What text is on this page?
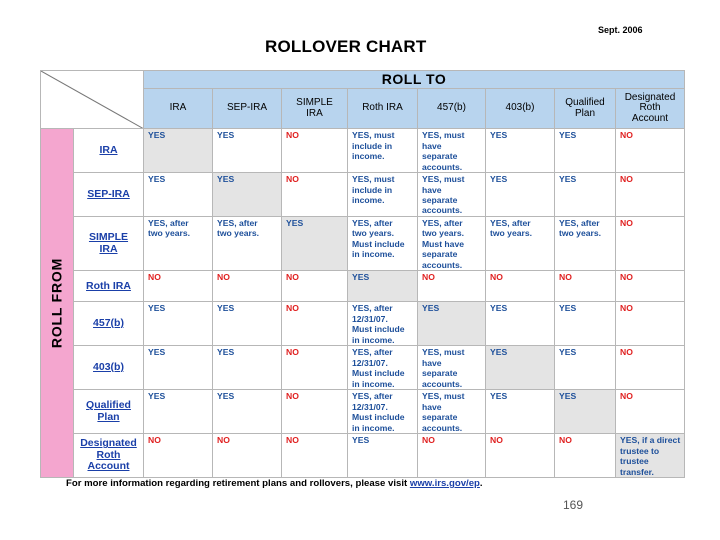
Sept. 2006
ROLLOVER CHART
	ROLL TO							
		IRA	SEP-IRA	SIMPLE
IRA	Roth IRA	457(b)	403(b)	Qualified
Plan	Designated
Roth
Account

ROLL FROM	IRA	YES	YES	NO	YES, must
include in
income.	YES, must
have
separate
accounts.	YES	YES	NO
	SEP-IRA	YES	YES	NO	YES, must
include in
income.	YES, must
have
separate
accounts.	YES	YES	NO
	SIMPLE
IRA	YES, after
two years.	YES, after
two years.	YES	YES, after
two years.
Must include
in income.	YES, after
two years.
Must have
separate
accounts.	YES, after
two years.	YES, after
two years.	NO
	Roth IRA	NO	NO	NO	YES	NO	NO	NO	NO
	457(b)	YES	YES	NO	YES, after
12/31/07.
Must include
in income.	YES	YES	YES	NO
	403(b)	YES	YES	NO	YES, after
12/31/07.
Must include
in income.	YES, must
have
separate
accounts.	YES	YES	NO
	Qualified
Plan	YES	YES	NO	YES, after
12/31/07.
Must include
in income.	YES, must
have
separate
accounts.	YES	YES	NO
	Designated
Roth
Account	NO	NO	NO	YES	NO	NO	NO	YES, if a direct
trustee to
trustee
transfer.
For more information regarding retirement plans and rollovers, please visit www.irs.gov/ep.
169
